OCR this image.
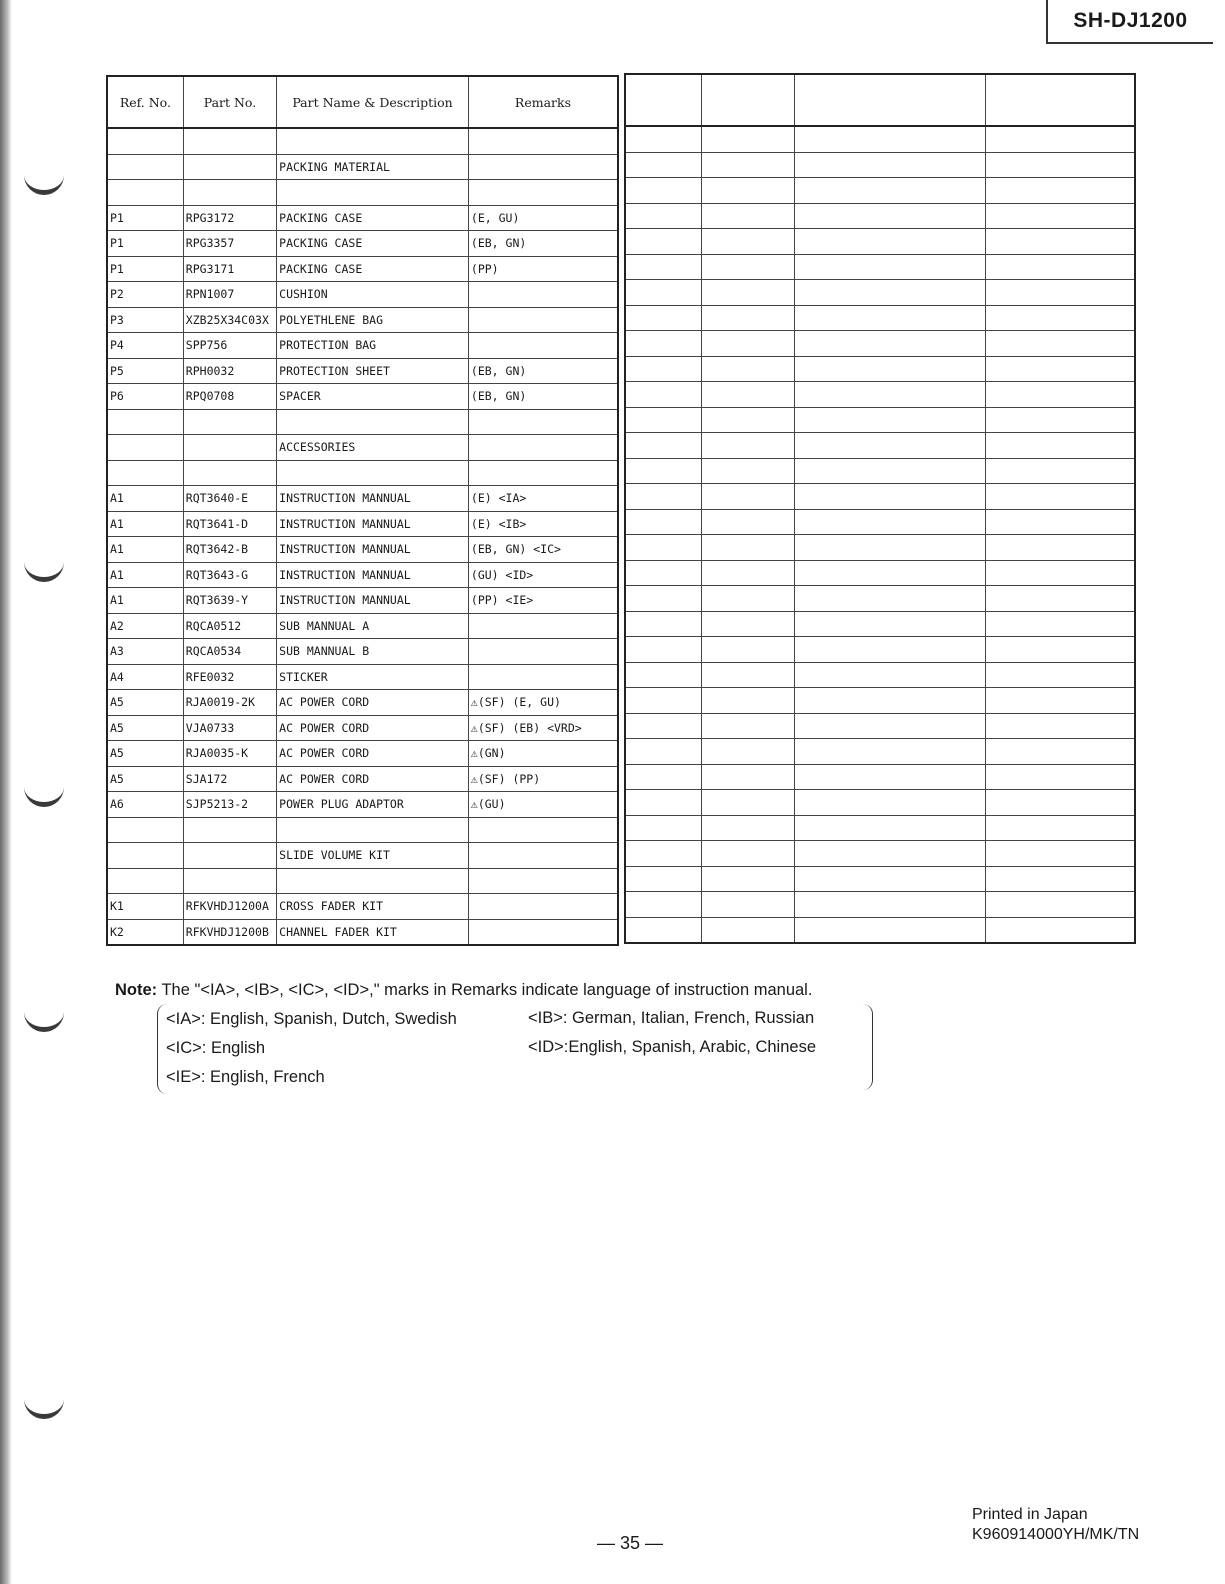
SH-DJ1200
Ref. No.	Part No.	Part Name & Description	Remarks

		PACKING MATERIAL	

P1	RPG3172	PACKING CASE	(E, GU)
P1	RPG3357	PACKING CASE	(EB, GN)
P1	RPG3171	PACKING CASE	(PP)
P2	RPN1007	CUSHION	
P3	XZB25X34C03X	POLYETHLENE BAG	
P4	SPP756	PROTECTION BAG	
P5	RPH0032	PROTECTION SHEET	(EB, GN)
P6	RPQ0708	SPACER	(EB, GN)

		ACCESSORIES	

A1	RQT3640-E	INSTRUCTION MANNUAL	(E) <IA>
A1	RQT3641-D	INSTRUCTION MANNUAL	(E) <IB>
A1	RQT3642-B	INSTRUCTION MANNUAL	(EB, GN) <IC>
A1	RQT3643-G	INSTRUCTION MANNUAL	(GU) <ID>
A1	RQT3639-Y	INSTRUCTION MANNUAL	(PP) <IE>
A2	RQCA0512	SUB MANNUAL A	
A3	RQCA0534	SUB MANNUAL B	
A4	RFE0032	STICKER	
A5	RJA0019-2K	AC POWER CORD	⚠(SF) (E, GU)
A5	VJA0733	AC POWER CORD	⚠(SF) (EB) <VRD>
A5	RJA0035-K	AC POWER CORD	⚠(GN)
A5	SJA172	AC POWER CORD	⚠(SF) (PP)
A6	SJP5213-2	POWER PLUG ADAPTOR	⚠(GU)

		SLIDE VOLUME KIT	

K1	RFKVHDJ1200A	CROSS FADER KIT	
K2	RFKVHDJ1200B	CHANNEL FADER KIT	

Note: The "<IA>, <IB>, <IC>, <ID>," marks in Remarks indicate language of instruction manual.
<IA>: English, Spanish, Dutch, Swedish	<IB>: German, Italian, French, Russian
<IC>: English	<ID>:English, Spanish, Arabic, Chinese
<IE>: English, French
— 35 —
Printed in Japan
K960914000YH/MK/TN
